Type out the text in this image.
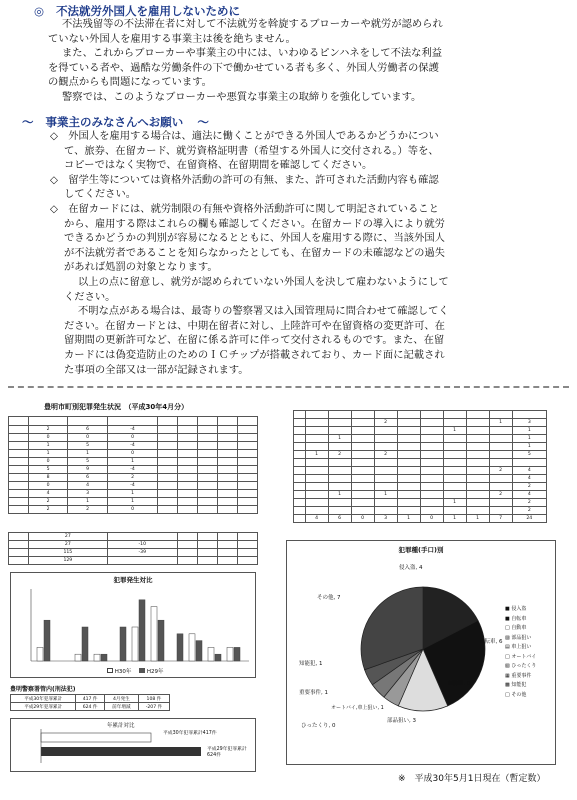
◎ 不法就労外国人を雇用しないために

不法残留等の不法滞在者に対して不法就労を斡旋するブローカーや就労が認められ

ていない外国人を雇用する事業主は後を絶ちません。

また、これからブローカーや事業主の中には、いわゆるピンハネをして不法な利益

を得ている者や、過酷な労働条件の下で働かせている者も多く、外国人労働者の保護

の観点からも問題になっています。

警察では、このようなブローカーや悪質な事業主の取締りを強化しています。

〜 事業主のみなさんへお願い 〜

◇　外国人を雇用する場合は、適法に働くことができる外国人であるかどうかについ

て、旅券、在留カード、就労資格証明書（希望する外国人に交付される。）等を、

コピーではなく実物で、在留資格、在留期間を確認してください。

◇　留学生等については資格外活動の許可の有無、また、許可された活動内容も確認

してください。

◇　在留カードには、就労制限の有無や資格外活動許可に関して明記されていること

から、雇用する際はこれらの欄も確認してください。在留カードの導入により就労

できるかどうかの判別が容易になるとともに、外国人を雇用する際に、当該外国人

が不法就労者であることを知らなかったとしても、在留カードの未確認などの過失

があれば処罰の対象となります。

以上の点に留意し、就労が認められていない外国人を決して雇わないようにして

ください。

不明な点がある場合は、最寄りの警察署又は入国管理局に問合わせて確認してく

ださい。在留カードとは、中期在留者に対し、上陸許可や在留資格の変更許可、在

留期間の更新許可など、在留に係る許可に伴って交付されるものです。また、在留

カードには偽変造防止のためのＩＣチップが搭載されており、カード面に記載され

た事項の全部又は一部が記録されます。

豊明市町別犯罪発生状況　（平成30年4月分）

	2	6	-4					
	0	0	0					
	1	5	-4					
	1	1	0					
	0	5	1					
	5	9	-4					
	8	6	2					
	0	4	-4					
	4	3	1					
	2	1	1					
	2	2	0					
	27					
	27	-10				
	115	-39				
	129					
犯罪発生対比
H30年	H29年
豊明警察署管内(刑法犯)
平成30年犯罪累計	417 件	4月発生	108 件
平成29年犯罪累計	624 件	前年増減	-207 件
年累計対比
平成30年犯罪累計417件
平成29年犯罪累計624件

				2					1	3
							1			1
		1								1
										1
	1	2		2						5

									2	4
										4
										2
		1		1					2	4
							1			2
										2
	4	6	0	3	1	0	1	1	7	24
犯罪種(手口)別
侵入盗, 4
自転車, 6
自動車, 0
部品狙い, 3
オートバイ,車上狙い, 1
ひったくり, 0
重要事件, 1
知能犯, 1
その他, 7
■ 侵入盗
■ 自転車
□ 自動車
▨ 部品狙い
▤ 車上狙い
□ オートバイ
▧ ひったくり
▦ 重要事件
▩ 知能犯
□ その他
※　平成30年5月1日現在（暫定数）
